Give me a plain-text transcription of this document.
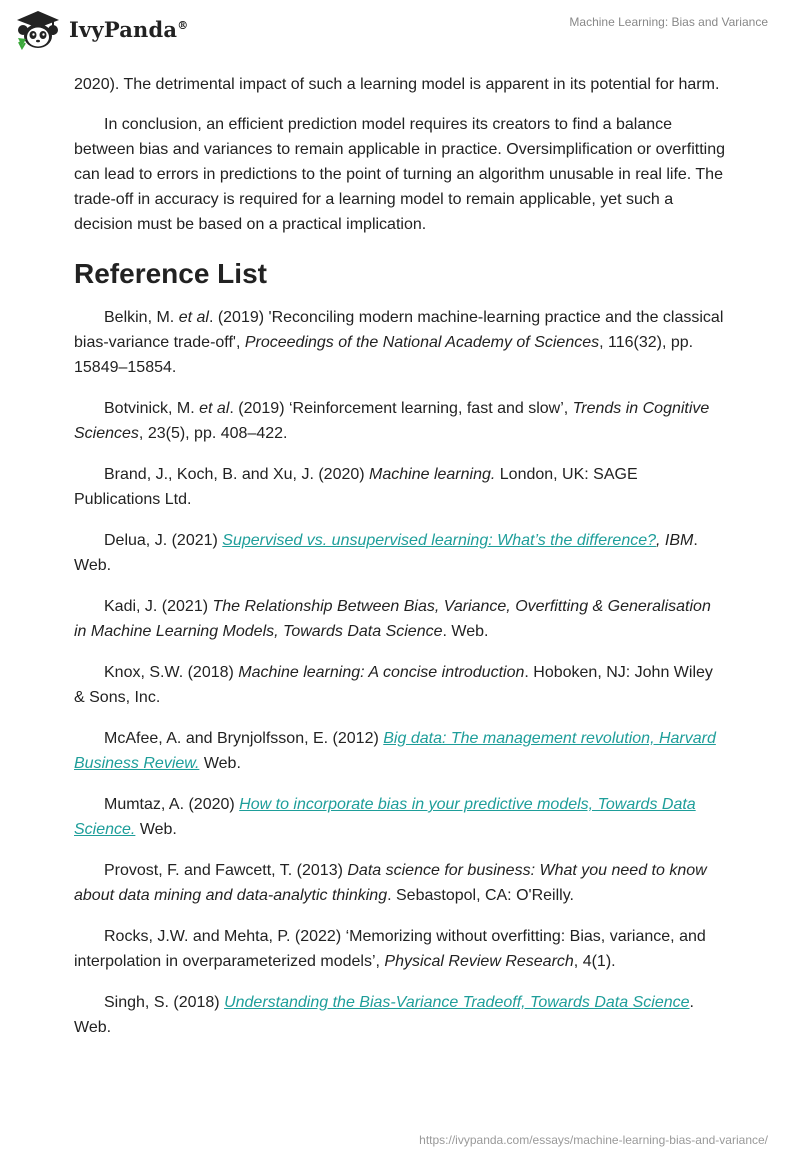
IvyPanda®	Machine Learning: Bias and Variance

2020). The detrimental impact of such a learning model is apparent in its potential for harm.

In conclusion, an efficient prediction model requires its creators to find a balance between bias and variances to remain applicable in practice. Oversimplification or overfitting can lead to errors in predictions to the point of turning an algorithm unusable in real life. The trade-off in accuracy is required for a learning model to remain applicable, yet such a decision must be based on a practical implication.

Reference List

Belkin, M. et al. (2019) 'Reconciling modern machine-learning practice and the classical bias-variance trade-off', Proceedings of the National Academy of Sciences, 116(32), pp. 15849–15854.

Botvinick, M. et al. (2019) ‘Reinforcement learning, fast and slow’, Trends in Cognitive Sciences, 23(5), pp. 408–422.

Brand, J., Koch, B. and Xu, J. (2020) Machine learning. London, UK: SAGE Publications Ltd.

Delua, J. (2021) Supervised vs. unsupervised learning: What’s the difference?, IBM. Web.

Kadi, J. (2021) The Relationship Between Bias, Variance, Overfitting & Generalisation in Machine Learning Models, Towards Data Science. Web.

Knox, S.W. (2018) Machine learning: A concise introduction. Hoboken, NJ: John Wiley & Sons, Inc.

McAfee, A. and Brynjolfsson, E. (2012) Big data: The management revolution, Harvard Business Review. Web.

Mumtaz, A. (2020) How to incorporate bias in your predictive models, Towards Data Science. Web.

Provost, F. and Fawcett, T. (2013) Data science for business: What you need to know about data mining and data-analytic thinking. Sebastopol, CA: O'Reilly.

Rocks, J.W. and Mehta, P. (2022) ‘Memorizing without overfitting: Bias, variance, and interpolation in overparameterized models’, Physical Review Research, 4(1).

Singh, S. (2018) Understanding the Bias-Variance Tradeoff, Towards Data Science. Web.

https://ivypanda.com/essays/machine-learning-bias-and-variance/
